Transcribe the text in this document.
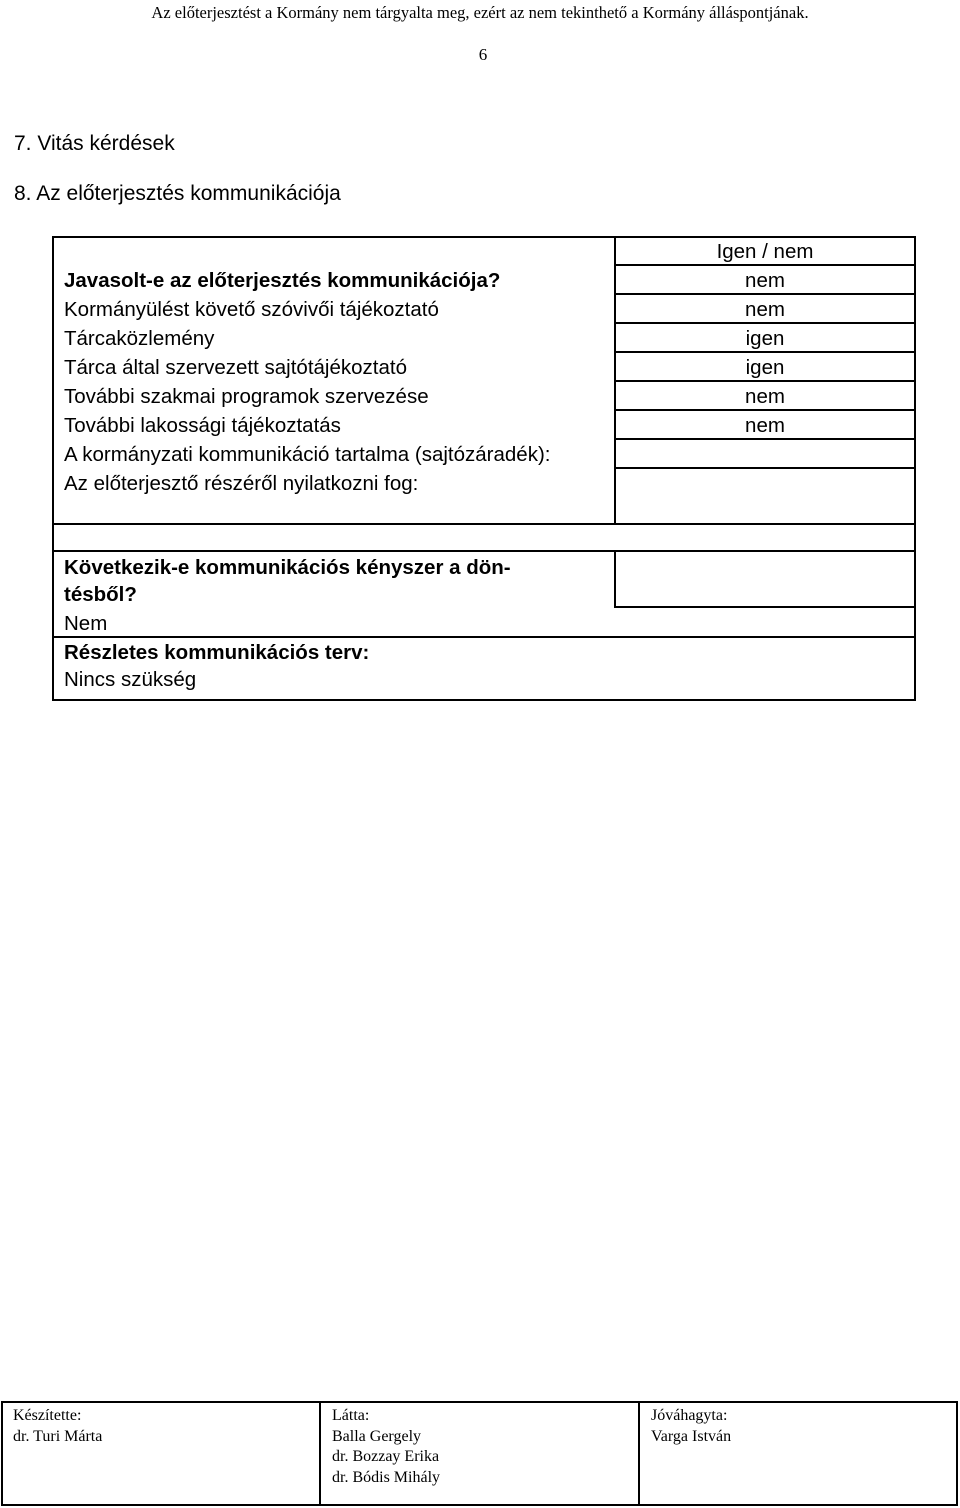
Az előterjesztést a Kormány nem tárgyalta meg, ezért az nem tekinthető a Kormány álláspontjának.
6
7. Vitás kérdések
8. Az előterjesztés kommunikációja
Igen / nem
nem
nem
igen
igen
nem
nem
Javasolt-e az előterjesztés kommunikációja?
Kormányülést követő szóvivői tájékoztató
Tárcaközlemény
Tárca által szervezett sajtótájékoztató
További szakmai programok szervezése
További lakossági tájékoztatás
A kormányzati kommunikáció tartalma (sajtózáradék):
Az előterjesztő részéről nyilatkozni fog:
Következik-e kommunikációs kényszer a dön-
tésből?
Nem
Részletes kommunikációs terv:
Nincs szükség
Készítette:
dr. Turi Márta
Látta:
Balla Gergely
dr. Bozzay Erika
dr. Bódis Mihály
Jóváhagyta:
Varga István
